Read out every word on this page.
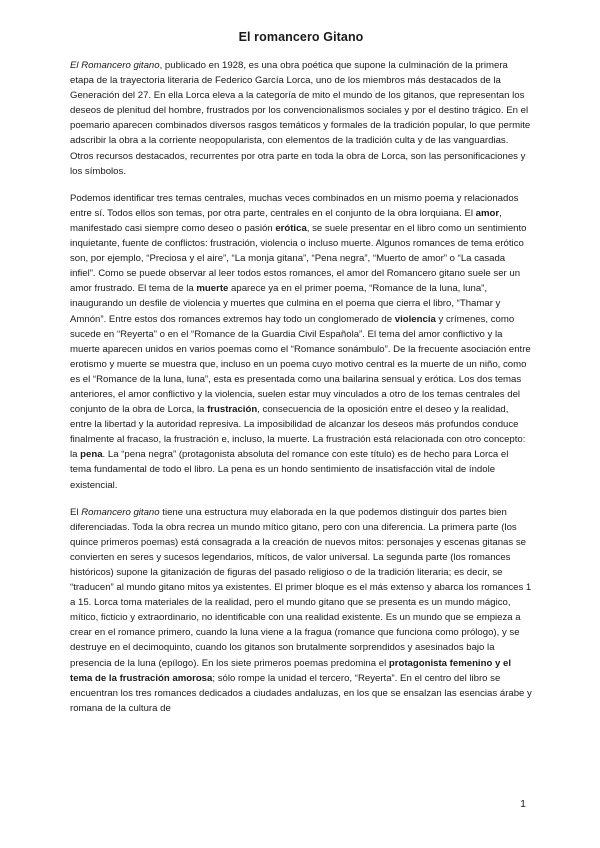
El romancero Gitano

El Romancero gitano, publicado en 1928, es una obra poética que supone la culminación de la primera etapa de la trayectoria literaria de Federico García Lorca, uno de los miembros más destacados de la Generación del 27. En ella Lorca eleva a la categoría de mito el mundo de los gitanos, que representan los deseos de plenitud del hombre, frustrados por los convencionalismos sociales y por el destino trágico. En el poemario aparecen combinados diversos rasgos temáticos y formales de la tradición popular, lo que permite adscribir la obra a la corriente neopopularista, con elementos de la tradición culta y de las vanguardias. Otros recursos destacados, recurrentes por otra parte en toda la obra de Lorca, son las personificaciones y los símbolos.

Podemos identificar tres temas centrales, muchas veces combinados en un mismo poema y relacionados entre sí. Todos ellos son temas, por otra parte, centrales en el conjunto de la obra lorquiana. El amor, manifestado casi siempre como deseo o pasión erótica, se suele presentar en el libro como un sentimiento inquietante, fuente de conflictos: frustración, violencia o incluso muerte. Algunos romances de tema erótico son, por ejemplo, “Preciosa y el aire”, “La monja gitana”, “Pena negra”, “Muerto de amor” o “La casada infiel”. Como se puede observar al leer todos estos romances, el amor del Romancero gitano suele ser un amor frustrado. El tema de la muerte aparece ya en el primer poema, “Romance de la luna, luna”, inaugurando un desfile de violencia y muertes que culmina en el poema que cierra el libro, “Thamar y Amnón”. Entre estos dos romances extremos hay todo un conglomerado de violencia y crímenes, como sucede en “Reyerta” o en el “Romance de la Guardia Civil Española”. El tema del amor conflictivo y la muerte aparecen unidos en varios poemas como el “Romance sonámbulo”. De la frecuente asociación entre erotismo y muerte se muestra que, incluso en un poema cuyo motivo central es la muerte de un niño, como es el “Romance de la luna, luna”, esta es presentada como una bailarina sensual y erótica. Los dos temas anteriores, el amor conflictivo y la violencia, suelen estar muy vinculados a otro de los temas centrales del conjunto de la obra de Lorca, la frustración, consecuencia de la oposición entre el deseo y la realidad, entre la libertad y la autoridad represiva. La imposibilidad de alcanzar los deseos más profundos conduce finalmente al fracaso, la frustración e, incluso, la muerte. La frustración está relacionada con otro concepto: la pena. La “pena negra” (protagonista absoluta del romance con este título) es de hecho para Lorca el tema fundamental de todo el libro. La pena es un hondo sentimiento de insatisfacción vital de índole existencial.

El Romancero gitano tiene una estructura muy elaborada en la que podemos distinguir dos partes bien diferenciadas. Toda la obra recrea un mundo mítico gitano, pero con una diferencia. La primera parte (los quince primeros poemas) está consagrada a la creación de nuevos mitos: personajes y escenas gitanas se convierten en seres y sucesos legendarios, míticos, de valor universal. La segunda parte (los romances históricos) supone la gitanización de figuras del pasado religioso o de la tradición literaria; es decir, se “traducen” al mundo gitano mitos ya existentes. El primer bloque es el más extenso y abarca los romances 1 a 15. Lorca toma materiales de la realidad, pero el mundo gitano que se presenta es un mundo mágico, mítico, ficticio y extraordinario, no identificable con una realidad existente. Es un mundo que se empieza a crear en el romance primero, cuando la luna viene a la fragua (romance que funciona como prólogo), y se destruye en el decimoquinto, cuando los gitanos son brutalmente sorprendidos y asesinados bajo la presencia de la luna (epílogo). En los siete primeros poemas predomina el protagonista femenino y el tema de la frustración amorosa; sólo rompe la unidad el tercero, “Reyerta”. En el centro del libro se encuentran los tres romances dedicados a ciudades andaluzas, en los que se ensalzan las esencias árabe y romana de la cultura de

1
